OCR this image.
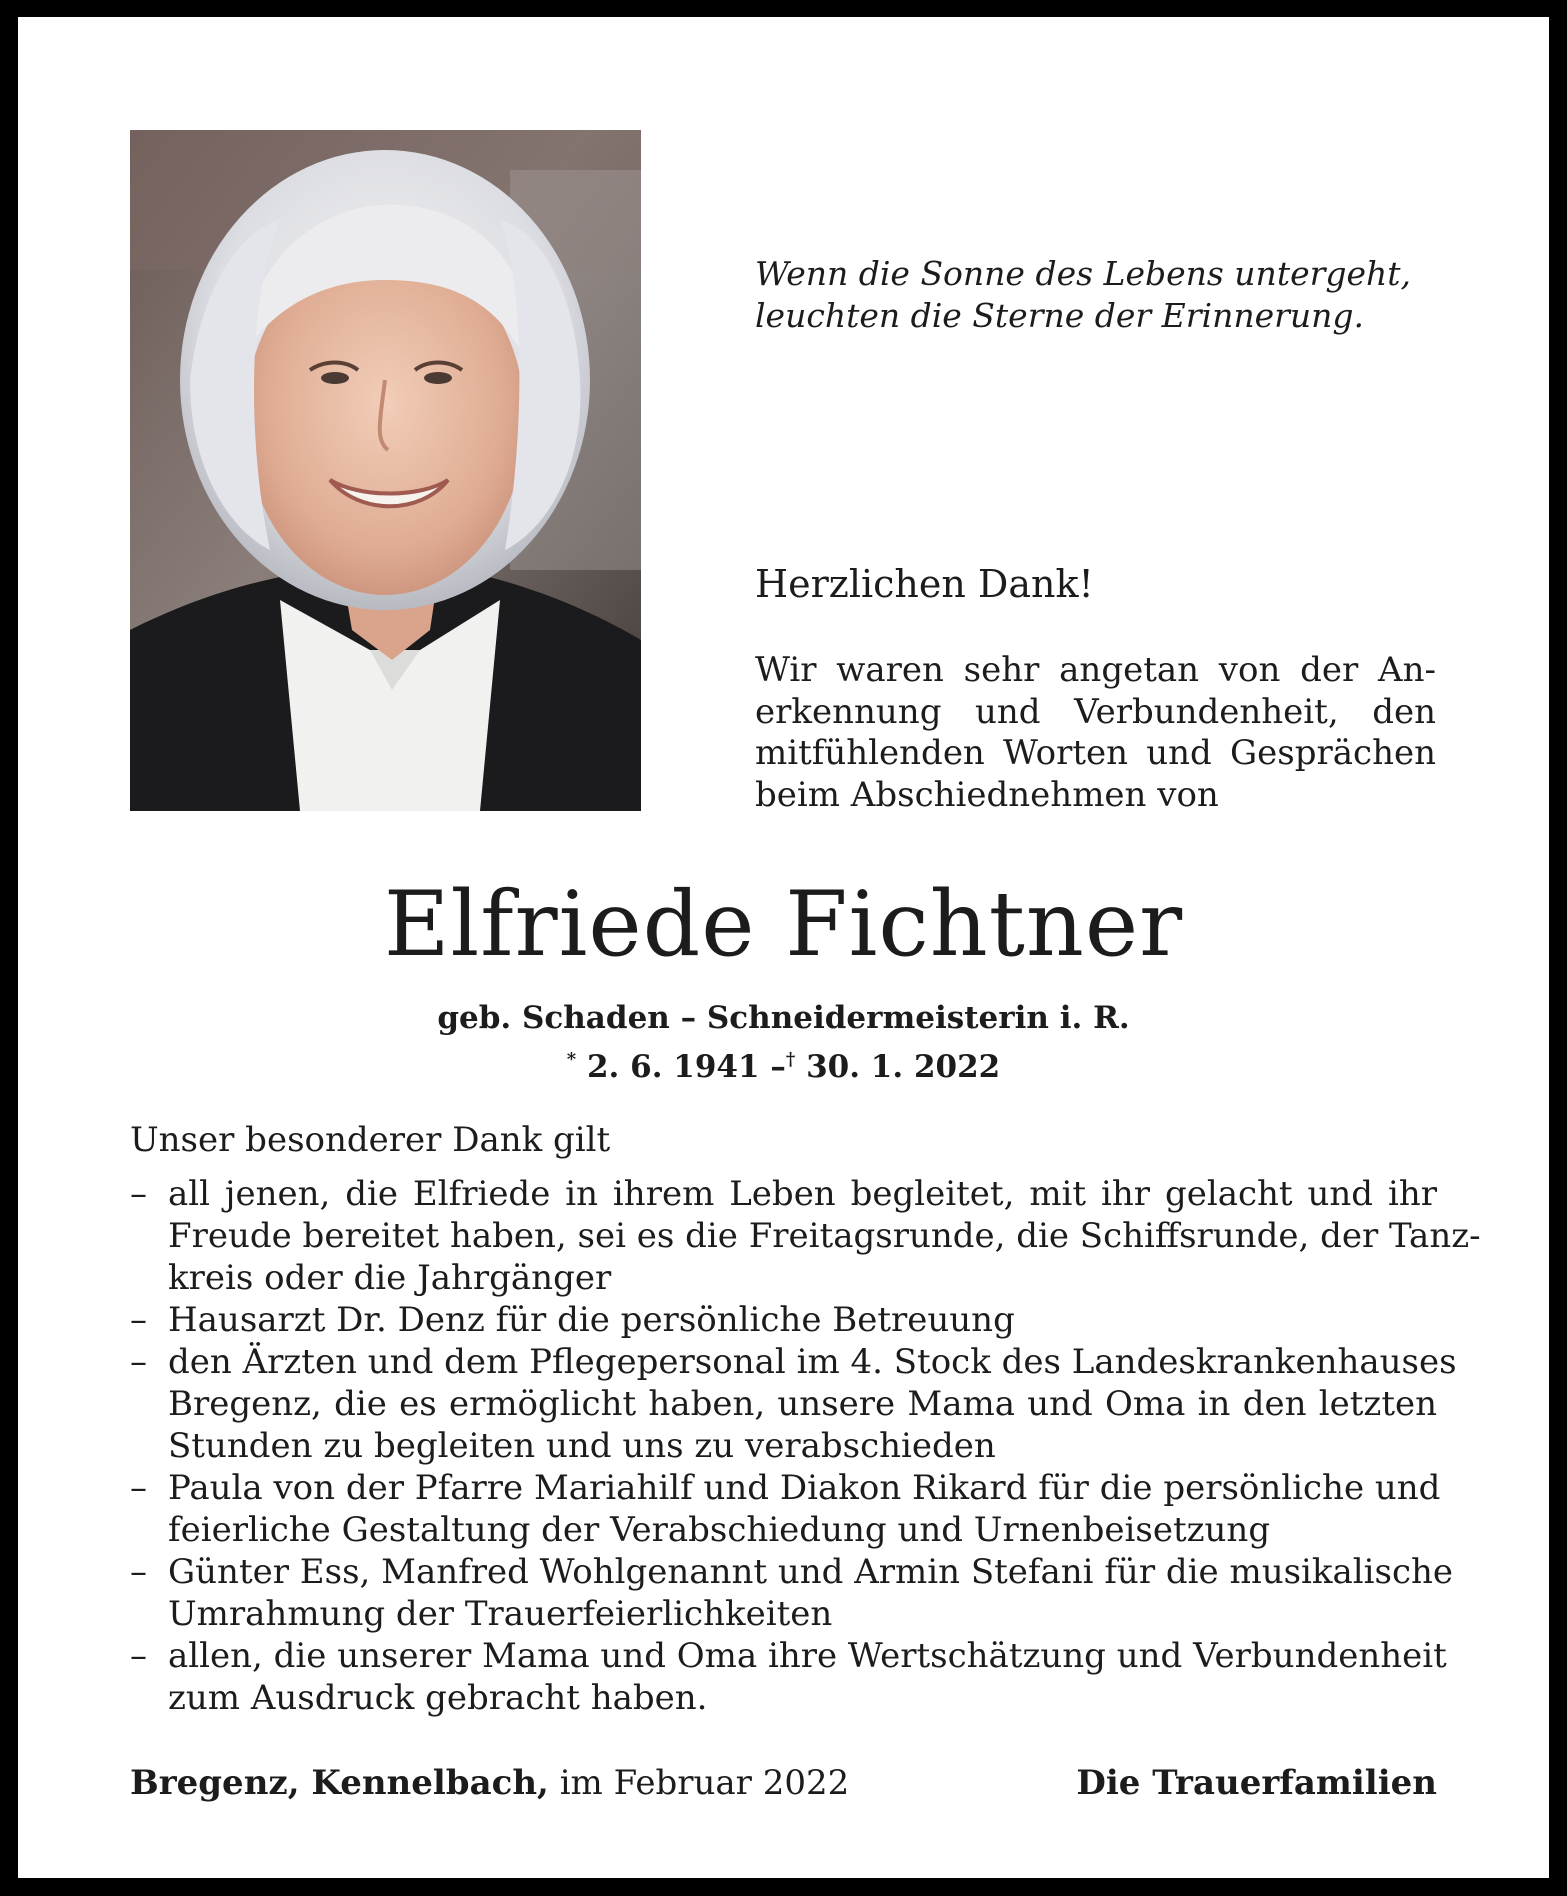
Wenn die Sonne des Lebens untergeht,
leuchten die Sterne der Erinnerung.
Herzlichen Dank!
Wir waren sehr angetan von der An-
erkennung und Verbundenheit, den
mitfühlenden Worten und Gesprächen
beim Abschiednehmen von
Elfriede Fichtner
geb. Schaden – Schneidermeisterin i. R.
* 2. 6. 1941 –† 30. 1. 2022
Unser besonderer Dank gilt
– all jenen, die Elfriede in ihrem Leben begleitet, mit ihr gelacht und ihr
Freude bereitet haben, sei es die Freitagsrunde, die Schiffsrunde, der Tanz-
kreis oder die Jahrgänger
– Hausarzt Dr. Denz für die persönliche Betreuung
– den Ärzten und dem Pflegepersonal im 4. Stock des Landeskrankenhauses
Bregenz, die es ermöglicht haben, unsere Mama und Oma in den letzten
Stunden zu begleiten und uns zu verabschieden
– Paula von der Pfarre Mariahilf und Diakon Rikard für die persönliche und
feierliche Gestaltung der Verabschiedung und Urnenbeisetzung
– Günter Ess, Manfred Wohlgenannt und Armin Stefani für die musikalische
Umrahmung der Trauerfeierlichkeiten
– allen, die unserer Mama und Oma ihre Wertschätzung und Verbundenheit
zum Ausdruck gebracht haben.
Bregenz, Kennelbach, im Februar 2022	Die Trauerfamilien
